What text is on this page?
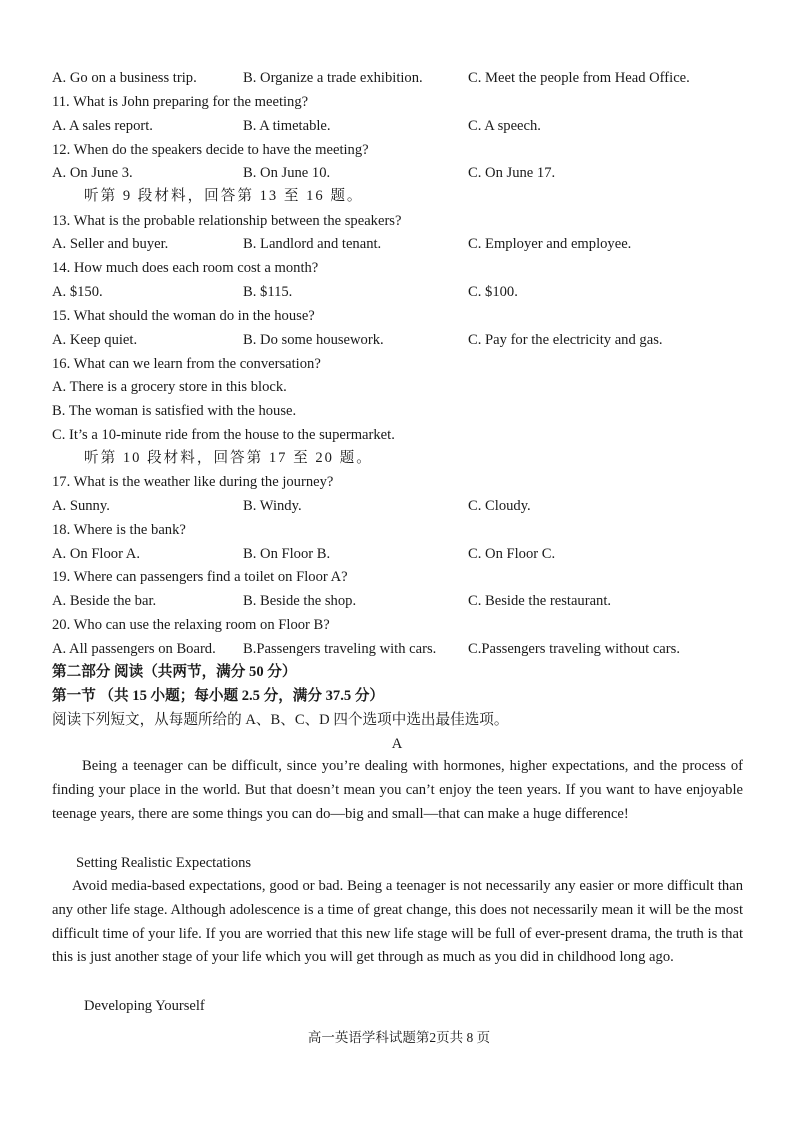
A. Go on a business trip.	B. Organize a trade exhibition.	C. Meet the people from Head Office.
11. What is John preparing for the meeting?
A. A sales report.	B. A timetable.	C. A speech.
12. When do the speakers decide to have the meeting?
A. On June 3.	B. On June 10.	C. On June 17.
听第 9 段材料，回答第 13 至 16 题。
13. What is the probable relationship between the speakers?
A. Seller and buyer.	B. Landlord and tenant.	C. Employer and employee.
14. How much does each room cost a month?
A. $150.	B. $115.	C. $100.
15. What should the woman do in the house?
A. Keep quiet.	B. Do some housework.	C. Pay for the electricity and gas.
16. What can we learn from the conversation?
A. There is a grocery store in this block.
B. The woman is satisfied with the house.
C. It’s a 10-minute ride from the house to the supermarket.
听第 10 段材料，回答第 17 至 20 题。
17. What is the weather like during the journey?
A. Sunny.	B. Windy.	C. Cloudy.
18. Where is the bank?
A. On Floor A.	B. On Floor B.	C. On Floor C.
19. Where can passengers find a toilet on Floor A?
A. Beside the bar.	B. Beside the shop.	C. Beside the restaurant.
20. Who can use the relaxing room on Floor B?
A. All passengers on Board. B.Passengers traveling with cars. C.Passengers traveling without cars.
第二部分 阅读（共两节，满分 50 分）
第一节 （共 15 小题；每小题 2.5 分，满分 37.5 分）
阅读下列短文，从每题所给的 A、B、C、D 四个选项中选出最佳选项。
A
Being a teenager can be difficult, since you’re dealing with hormones, higher expectations, and the process of finding your place in the world. But that doesn’t mean you can’t enjoy the teen years. If you want to have enjoyable teenage years, there are some things you can do—big and small—that can make a huge difference!
Setting Realistic Expectations
Avoid media-based expectations, good or bad. Being a teenager is not necessarily any easier or more difficult than any other life stage. Although adolescence is a time of great change, this does not necessarily mean it will be the most difficult time of your life. If you are worried that this new life stage will be full of ever-present drama, the truth is that this is just another stage of your life which you will get through as much as you did in childhood long ago.
Developing Yourself
高一英语学科试题第2页共 8 页
